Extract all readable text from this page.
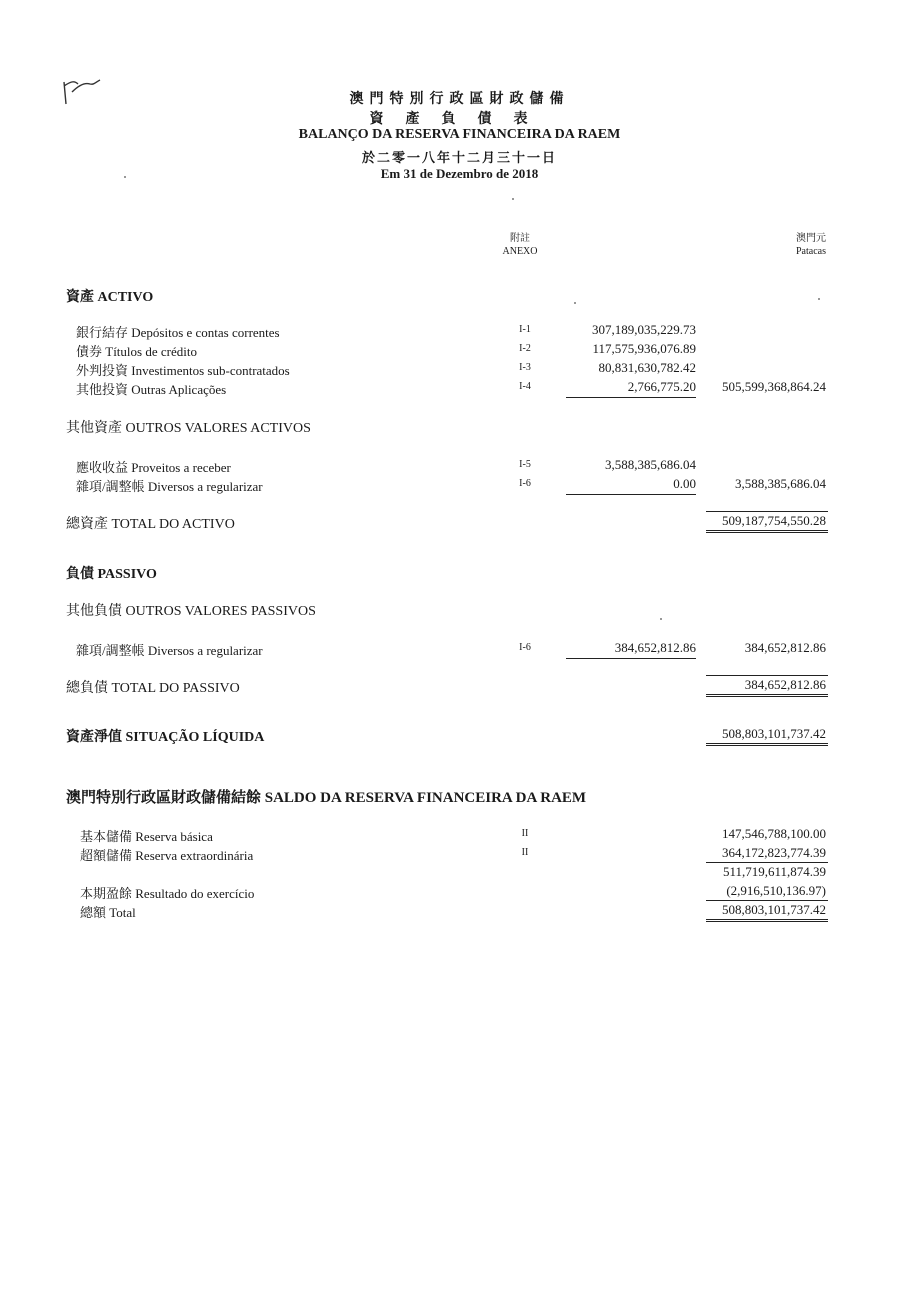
澳門特別行政區財政儲備
資產負債表
BALANÇO DA RESERVA FINANCEIRA DA RAEM
於二零一八年十二月三十一日
Em 31 de Dezembro de 2018
附註
ANEXO
澳門元
Patacas
資產 ACTIVO
銀行結存 Depósitos e contas correntes	I-1	307,189,035,229.73
債券 Títulos de crédito	I-2	117,575,936,076.89
外判投資 Investimentos sub-contratados	I-3	80,831,630,782.42
其他投資 Outras Aplicações	I-4	2,766,775.20 505,599,368,864.24
其他資產 OUTROS VALORES ACTIVOS
應收收益 Proveitos a receber	I-5	3,588,385,686.04
雜項/調整帳 Diversos a regularizar	I-6	0.00	3,588,385,686.04
總資產 TOTAL DO ACTIVO	509,187,754,550.28
負債 PASSIVO
其他負債 OUTROS VALORES PASSIVOS
雜項/調整帳 Diversos a regularizar	I-6	384,652,812.86	384,652,812.86
總負債 TOTAL DO PASSIVO	384,652,812.86
資產淨值 SITUAÇÃO LÍQUIDA	508,803,101,737.42
澳門特別行政區財政儲備結餘 SALDO DA RESERVA FINANCEIRA DA RAEM
基本儲備 Reserva básica	II	147,546,788,100.00
超額儲備 Reserva extraordinária	II	364,172,823,774.39
511,719,611,874.39
本期盈餘 Resultado do exercício	(2,916,510,136.97)
總額 Total	508,803,101,737.42
